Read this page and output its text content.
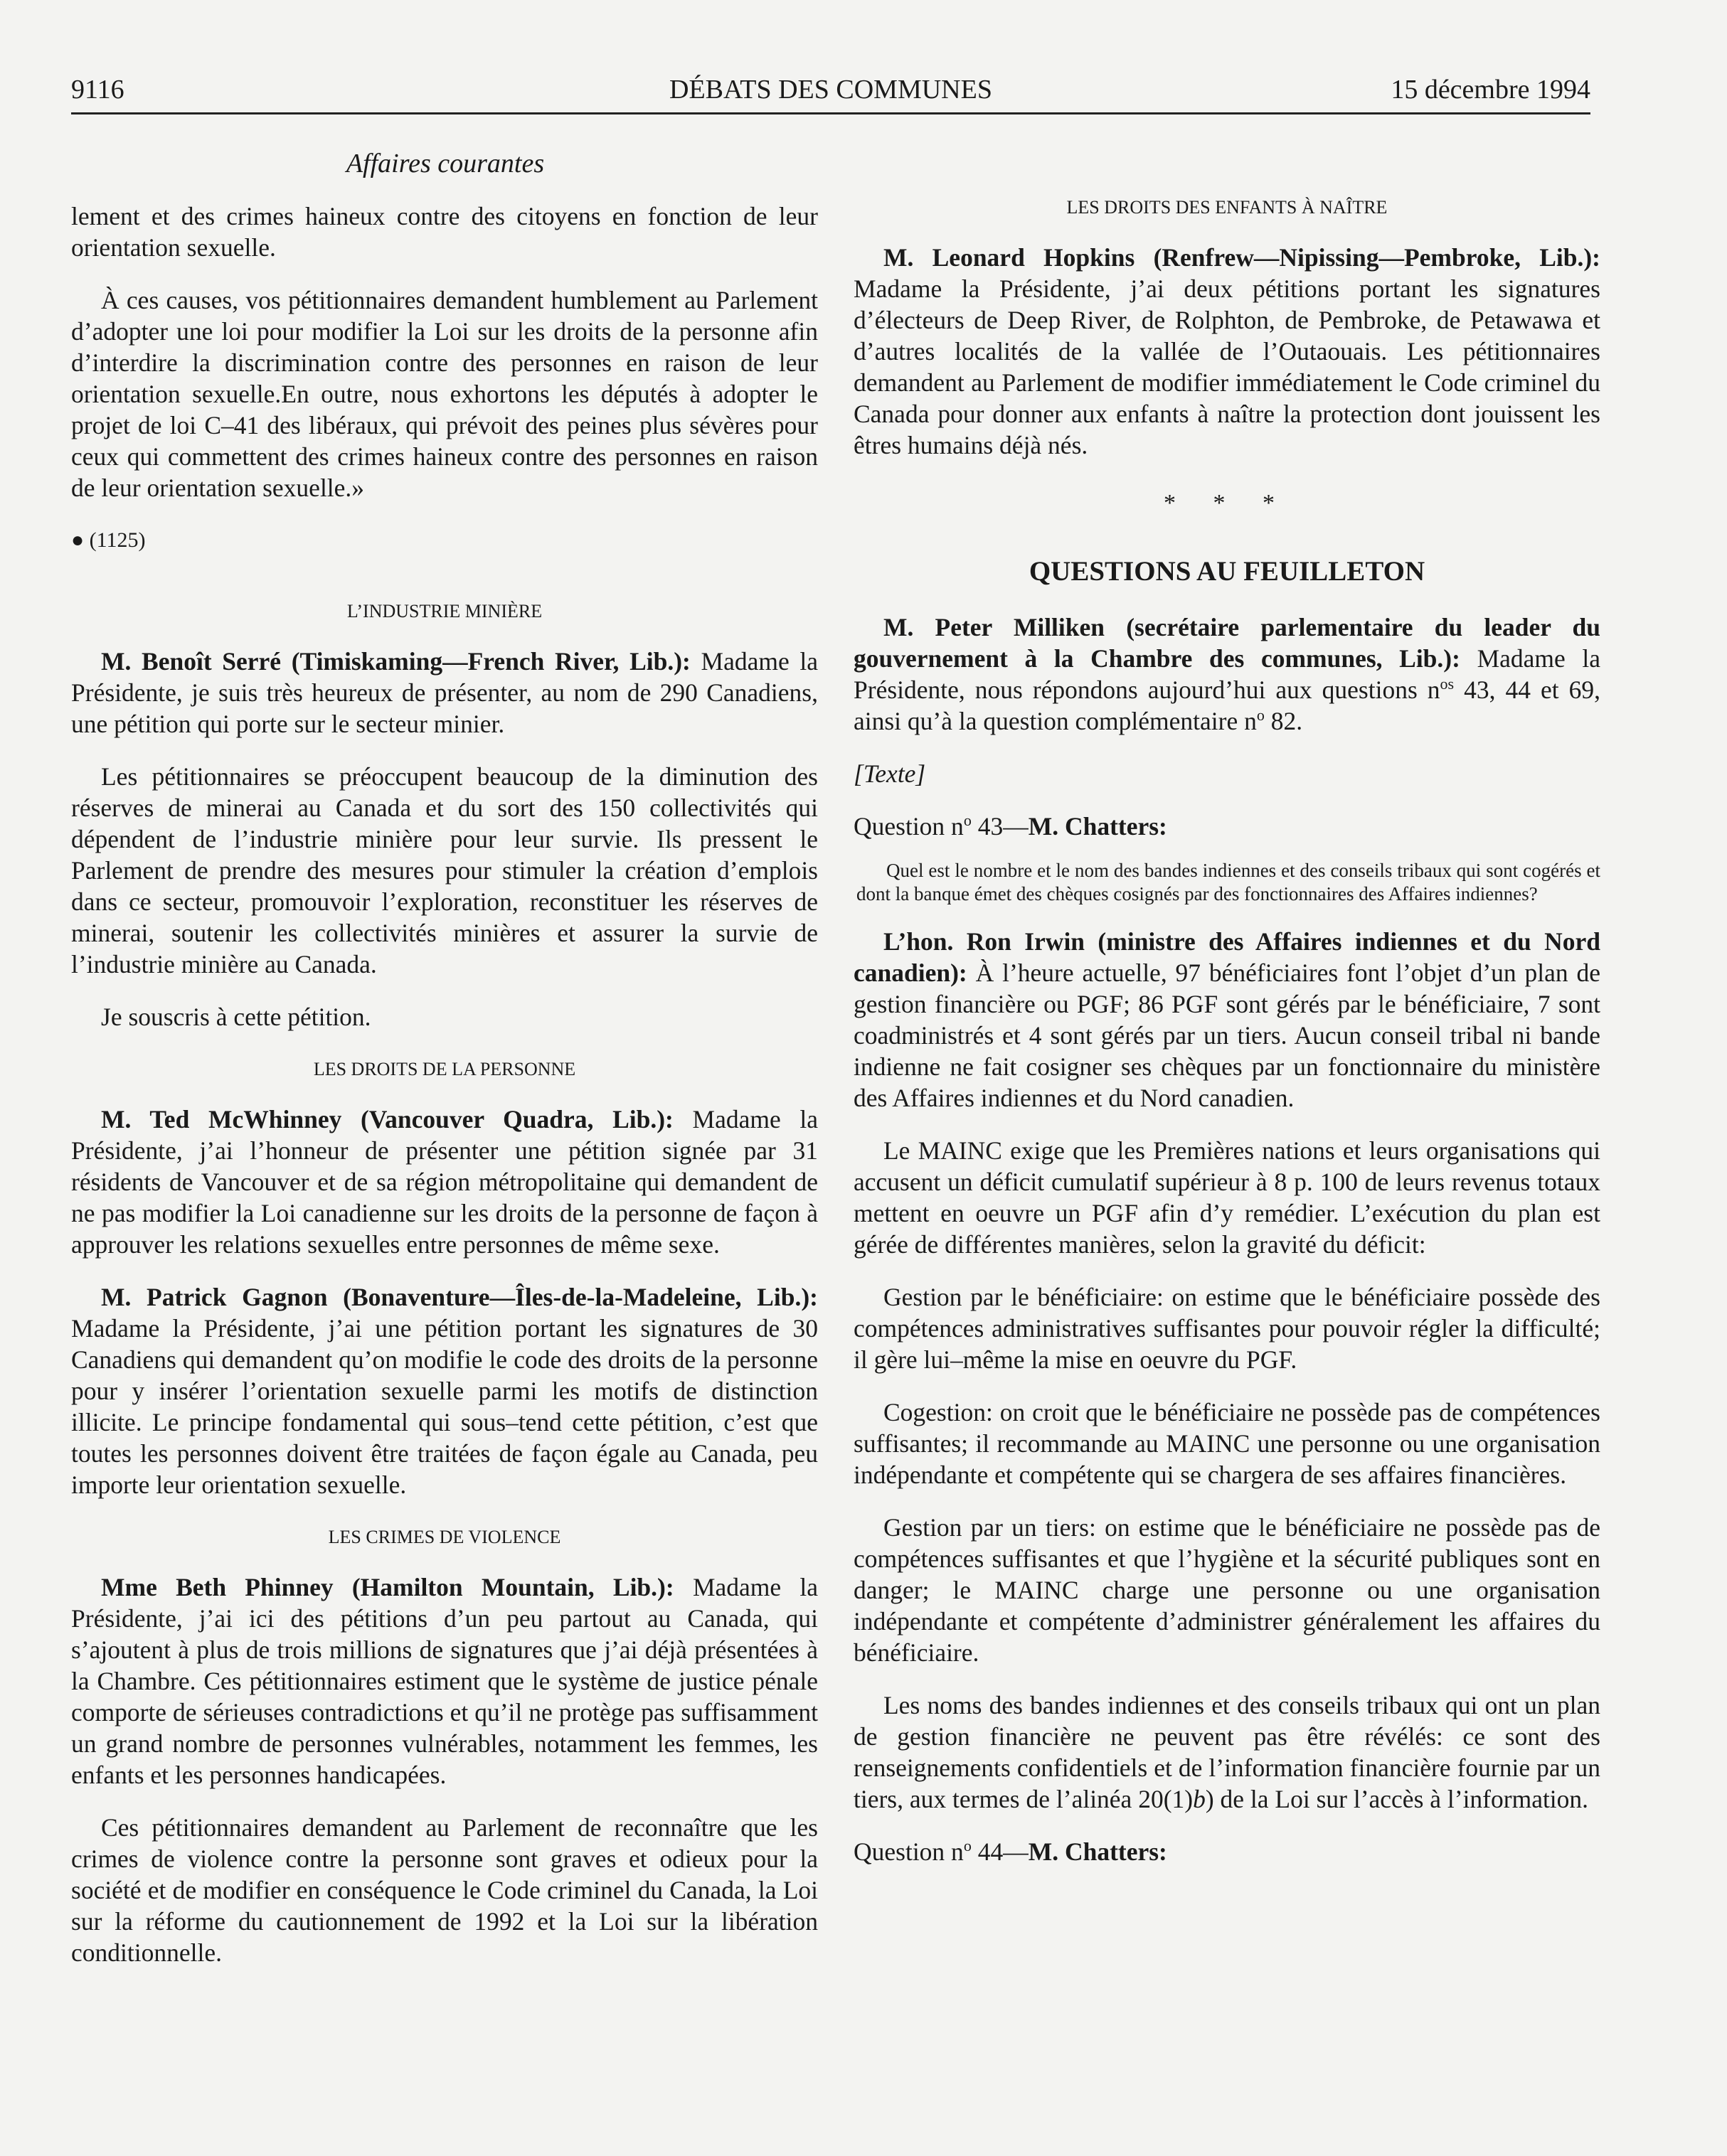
9116	DÉBATS DES COMMUNES	15 décembre 1994
Affaires courantes

lement et des crimes haineux contre des citoyens en fonction de leur orientation sexuelle.

À ces causes, vos pétitionnaires demandent humblement au Parlement d’adopter une loi pour modifier la Loi sur les droits de la personne afin d’interdire la discrimination contre des personnes en raison de leur orientation sexuelle.En outre, nous exhortons les députés à adopter le projet de loi C–41 des libéraux, qui prévoit des peines plus sévères pour ceux qui commettent des crimes haineux contre des personnes en raison de leur orientation sexuelle.»

● (1125)
L’INDUSTRIE MINIÈRE

M. Benoît Serré (Timiskaming—French River, Lib.): Madame la Présidente, je suis très heureux de présenter, au nom de 290 Canadiens, une pétition qui porte sur le secteur minier.

Les pétitionnaires se préoccupent beaucoup de la diminution des réserves de minerai au Canada et du sort des 150 collectivités qui dépendent de l’industrie minière pour leur survie. Ils pressent le Parlement de prendre des mesures pour stimuler la création d’emplois dans ce secteur, promouvoir l’exploration, reconstituer les réserves de minerai, soutenir les collectivités minières et assurer la survie de l’industrie minière au Canada.

Je souscris à cette pétition.

LES DROITS DE LA PERSONNE

M. Ted McWhinney (Vancouver Quadra, Lib.): Madame la Présidente, j’ai l’honneur de présenter une pétition signée par 31 résidents de Vancouver et de sa région métropolitaine qui demandent de ne pas modifier la Loi canadienne sur les droits de la personne de façon à approuver les relations sexuelles entre personnes de même sexe.

M. Patrick Gagnon (Bonaventure—Îles-de-la-Madeleine, Lib.): Madame la Présidente, j’ai une pétition portant les signatures de 30 Canadiens qui demandent qu’on modifie le code des droits de la personne pour y insérer l’orientation sexuelle parmi les motifs de distinction illicite. Le principe fondamental qui sous–tend cette pétition, c’est que toutes les personnes doivent être traitées de façon égale au Canada, peu importe leur orientation sexuelle.

LES CRIMES DE VIOLENCE

Mme Beth Phinney (Hamilton Mountain, Lib.): Madame la Présidente, j’ai ici des pétitions d’un peu partout au Canada, qui s’ajoutent à plus de trois millions de signatures que j’ai déjà présentées à la Chambre. Ces pétitionnaires estiment que le système de justice pénale comporte de sérieuses contradictions et qu’il ne protège pas suffisamment un grand nombre de personnes vulnérables, notamment les femmes, les enfants et les personnes handicapées.

Ces pétitionnaires demandent au Parlement de reconnaître que les crimes de violence contre la personne sont graves et odieux pour la société et de modifier en conséquence le Code criminel du Canada, la Loi sur la réforme du cautionnement de 1992 et la Loi sur la libération conditionnelle.

LES DROITS DES ENFANTS À NAÎTRE

M. Leonard Hopkins (Renfrew—Nipissing—Pembroke, Lib.): Madame la Présidente, j’ai deux pétitions portant les signatures d’électeurs de Deep River, de Rolphton, de Pembroke, de Petawawa et d’autres localités de la vallée de l’Outaouais. Les pétitionnaires demandent au Parlement de modifier immédiatement le Code criminel du Canada pour donner aux enfants à naître la protection dont jouissent les êtres humains déjà nés.

* * *
QUESTIONS AU FEUILLETON

M. Peter Milliken (secrétaire parlementaire du leader du gouvernement à la Chambre des communes, Lib.): Madame la Présidente, nous répondons aujourd’hui aux questions $n^{os}$ 43, 44 et 69, ainsi qu’à la question complémentaire $n^o$ 82.

[Texte]
Question $n^o$ 43—M. Chatters:
Quel est le nombre et le nom des bandes indiennes et des conseils tribaux qui sont cogérés et dont la banque émet des chèques cosignés par des fonctionnaires des Affaires indiennes?

L’hon. Ron Irwin (ministre des Affaires indiennes et du Nord canadien): À l’heure actuelle, 97 bénéficiaires font l’objet d’un plan de gestion financière ou PGF; 86 PGF sont gérés par le bénéficiaire, 7 sont coadministrés et 4 sont gérés par un tiers. Aucun conseil tribal ni bande indienne ne fait cosigner ses chèques par un fonctionnaire du ministère des Affaires indiennes et du Nord canadien.

Le MAINC exige que les Premières nations et leurs organisations qui accusent un déficit cumulatif supérieur à 8 p. 100 de leurs revenus totaux mettent en oeuvre un PGF afin d’y remédier. L’exécution du plan est gérée de différentes manières, selon la gravité du déficit:

Gestion par le bénéficiaire: on estime que le bénéficiaire possède des compétences administratives suffisantes pour pouvoir régler la difficulté; il gère lui–même la mise en oeuvre du PGF.

Cogestion: on croit que le bénéficiaire ne possède pas de compétences suffisantes; il recommande au MAINC une personne ou une organisation indépendante et compétente qui se chargera de ses affaires financières.

Gestion par un tiers: on estime que le bénéficiaire ne possède pas de compétences suffisantes et que l’hygiène et la sécurité publiques sont en danger; le MAINC charge une personne ou une organisation indépendante et compétente d’administrer généralement les affaires du bénéficiaire.

Les noms des bandes indiennes et des conseils tribaux qui ont un plan de gestion financière ne peuvent pas être révélés: ce sont des renseignements confidentiels et de l’information financière fournie par un tiers, aux termes de l’alinéa 20(1)b) de la Loi sur l’accès à l’information.

Question $n^o$ 44—M. Chatters:
